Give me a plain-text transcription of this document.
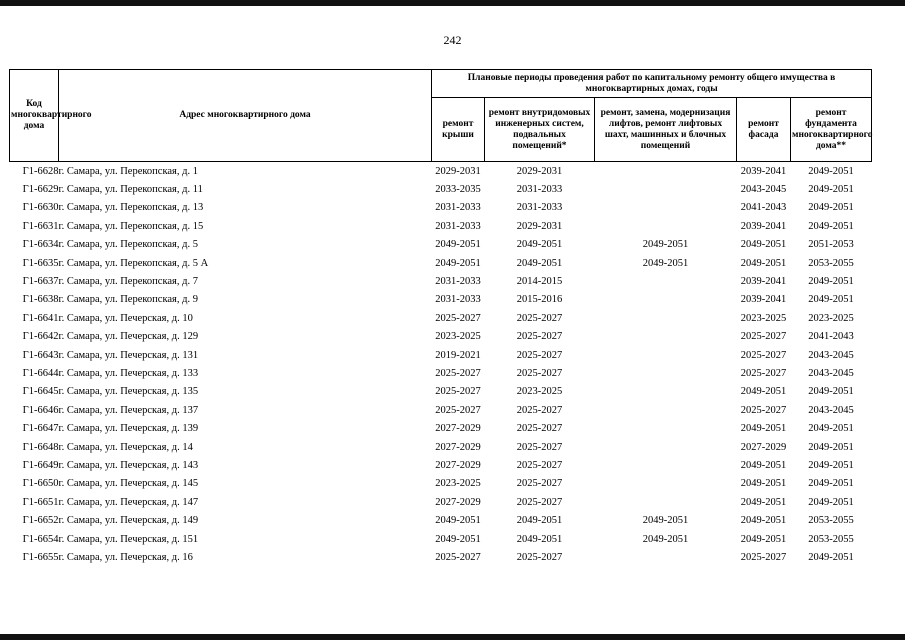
242
Код многоквартирного дома	Адрес многоквартирного дома	Плановые периоды проведения работ по капитальному ремонту общего имущества в многоквартирных домах, годы				
		ремонт крыши	ремонт внутридомовых инженерных систем, подвальных помещений*	ремонт, замена, модернизация лифтов, ремонт лифтовых шахт, машинных и блочных помещений	ремонт фасада	ремонт фундамента многоквартирного дома**
Г1-6628	г. Самара, ул. Перекопская, д. 1	2029-2031	2029-2031		2039-2041	2049-2051
Г1-6629	г. Самара, ул. Перекопская, д. 11	2033-2035	2031-2033		2043-2045	2049-2051
Г1-6630	г. Самара, ул. Перекопская, д. 13	2031-2033	2031-2033		2041-2043	2049-2051
Г1-6631	г. Самара, ул. Перекопская, д. 15	2031-2033	2029-2031		2039-2041	2049-2051
Г1-6634	г. Самара, ул. Перекопская, д. 5	2049-2051	2049-2051	2049-2051	2049-2051	2051-2053
Г1-6635	г. Самара, ул. Перекопская, д. 5 А	2049-2051	2049-2051	2049-2051	2049-2051	2053-2055
Г1-6637	г. Самара, ул. Перекопская, д. 7	2031-2033	2014-2015		2039-2041	2049-2051
Г1-6638	г. Самара, ул. Перекопская, д. 9	2031-2033	2015-2016		2039-2041	2049-2051
Г1-6641	г. Самара, ул. Печерская, д. 10	2025-2027	2025-2027		2023-2025	2023-2025
Г1-6642	г. Самара, ул. Печерская, д. 129	2023-2025	2025-2027		2025-2027	2041-2043
Г1-6643	г. Самара, ул. Печерская, д. 131	2019-2021	2025-2027		2025-2027	2043-2045
Г1-6644	г. Самара, ул. Печерская, д. 133	2025-2027	2025-2027		2025-2027	2043-2045
Г1-6645	г. Самара, ул. Печерская, д. 135	2025-2027	2023-2025		2049-2051	2049-2051
Г1-6646	г. Самара, ул. Печерская, д. 137	2025-2027	2025-2027		2025-2027	2043-2045
Г1-6647	г. Самара, ул. Печерская, д. 139	2027-2029	2025-2027		2049-2051	2049-2051
Г1-6648	г. Самара, ул. Печерская, д. 14	2027-2029	2025-2027		2027-2029	2049-2051
Г1-6649	г. Самара, ул. Печерская, д. 143	2027-2029	2025-2027		2049-2051	2049-2051
Г1-6650	г. Самара, ул. Печерская, д. 145	2023-2025	2025-2027		2049-2051	2049-2051
Г1-6651	г. Самара, ул. Печерская, д. 147	2027-2029	2025-2027		2049-2051	2049-2051
Г1-6652	г. Самара, ул. Печерская, д. 149	2049-2051	2049-2051	2049-2051	2049-2051	2053-2055
Г1-6654	г. Самара, ул. Печерская, д. 151	2049-2051	2049-2051	2049-2051	2049-2051	2053-2055
Г1-6655	г. Самара, ул. Печерская, д. 16	2025-2027	2025-2027		2025-2027	2049-2051
